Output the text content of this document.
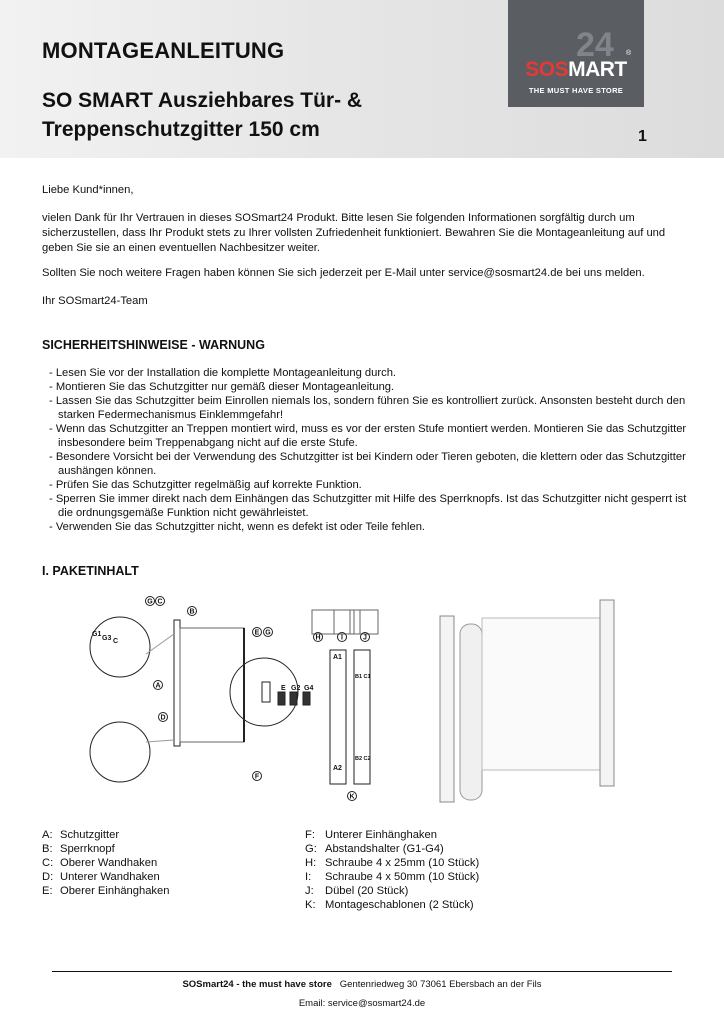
MONTAGEANLEITUNG
SO SMART Ausziehbares Tür- & Treppenschutzgitter 150 cm	1
24 ®
SOSMART
THE MUST HAVE STORE
Liebe Kund*innen,
vielen Dank für Ihr Vertrauen in dieses SOSmart24 Produkt. Bitte lesen Sie folgenden Informationen sorgfältig durch um sicherzustellen, dass Ihr Produkt stets zu Ihrer vollsten Zufriedenheit funktioniert. Bewahren Sie die Montageanleitung auf und geben Sie sie an einen eventuellen Nachbesitzer weiter.
Sollten Sie noch weitere Fragen haben können Sie sich jederzeit per E-Mail unter service@sosmart24.de bei uns melden.
Ihr SOSmart24-Team
SICHERHEITSHINWEISE - WARNUNG
- Lesen Sie vor der Installation die komplette Montageanleitung durch.
- Montieren Sie das Schutzgitter nur gemäß dieser Montageanleitung.
- Lassen Sie das Schutzgitter beim Einrollen niemals los, sondern führen Sie es kontrolliert zurück. Ansonsten besteht durch den starken Federmechanismus Einklemmgefahr!
- Wenn das Schutzgitter an Treppen montiert wird, muss es vor der ersten Stufe montiert werden. Montieren Sie das Schutzgitter insbesondere beim Treppenabgang nicht auf die erste Stufe.
- Besondere Vorsicht bei der Verwendung des Schutzgitter ist bei Kindern oder Tieren geboten, die klettern oder das Schutzgitter aushängen können.
- Prüfen Sie das Schutzgitter regelmäßig auf korrekte Funktion.
- Sperren Sie immer direkt nach dem Einhängen das Schutzgitter mit Hilfe des Sperrknopfs. Ist das Schutzgitter nicht gesperrt ist die ordnungsgemäße Funktion nicht gewährleistet.
- Verwenden Sie das Schutzgitter nicht, wenn es defekt ist oder Teile fehlen.
I. PAKETINHALT
G C
B
G1
G3 C
A
D
E G
F
E G2 G4
H	I	J
A1
B1 C1
B2 C2
A2
K
A: Schutzgitter
B: Sperrknopf
C: Oberer Wandhaken
D: Unterer Wandhaken
E: Oberer Einhänghaken
F: Unterer Einhänghaken
G: Abstandshalter (G1-G4)
H: Schraube 4 x 25mm (10 Stück)
I:	Schraube 4 x 50mm (10 Stück)
J:	Dübel (20 Stück)
K: Montageschablonen (2 Stück)
SOSmart24 - the must have store Gentenriedweg 30 73061 Ebersbach an der Fils
Email: service@sosmart24.de
